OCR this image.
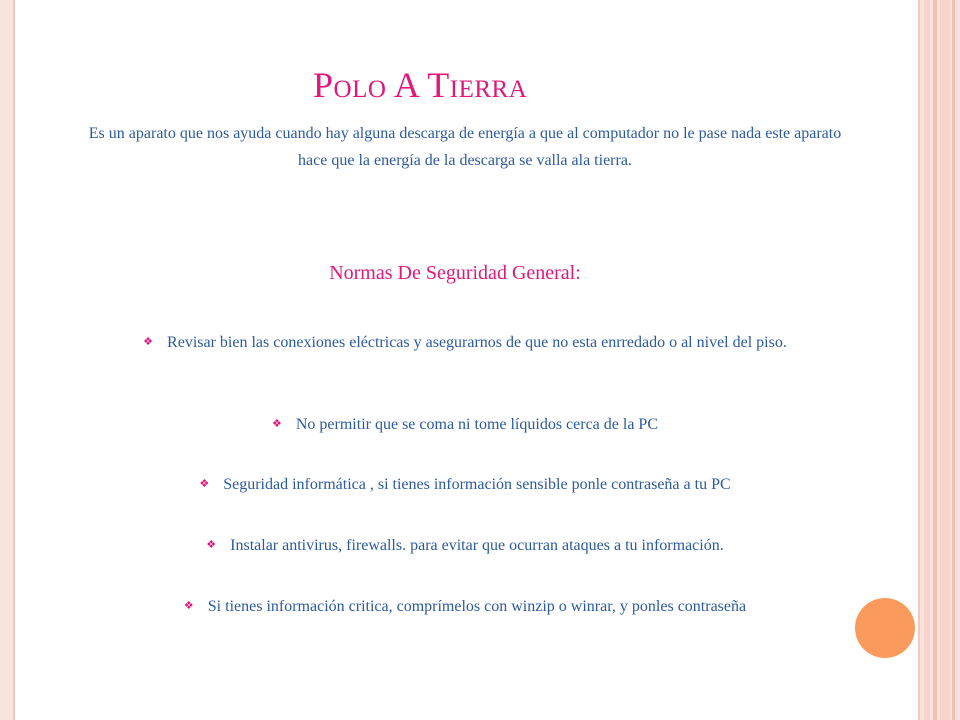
Polo A Tierra
Es un aparato que nos ayuda cuando hay alguna descarga de energía a que al computador no le pase nada este aparato hace que la energía de la descarga se valla ala tierra.
Normas De Seguridad General:
❖ Revisar bien las conexiones eléctricas y asegurarnos de que no esta enrredado o al nivel del piso.
❖ No permitir que se coma ni tome líquidos cerca de la PC
❖ Seguridad informática , si tienes información sensible ponle contraseña a tu PC
❖ Instalar antivirus, firewalls. para evitar que ocurran ataques a tu información.
❖ Si tienes información critica, comprímelos con winzip o winrar, y ponles contraseña
